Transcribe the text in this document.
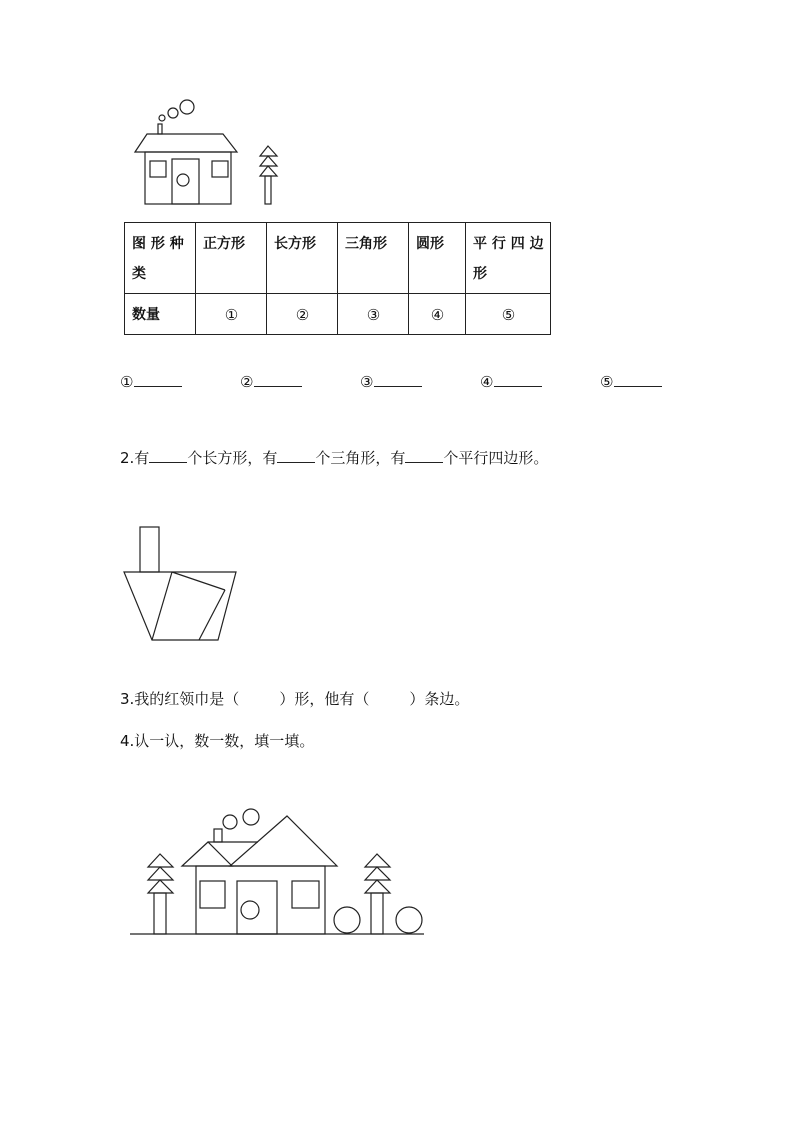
图 形 种 类	正方形	长方形	三角形	圆形	平 行 四 边 形
数量	①	②	③	④	⑤
①	②	③	④	⑤
2.有	个长方形，有	个三角形，有	个平行四边形。
3.我的红领巾是（	）形，他有（	）条边。
4.认一认，数一数，填一填。
